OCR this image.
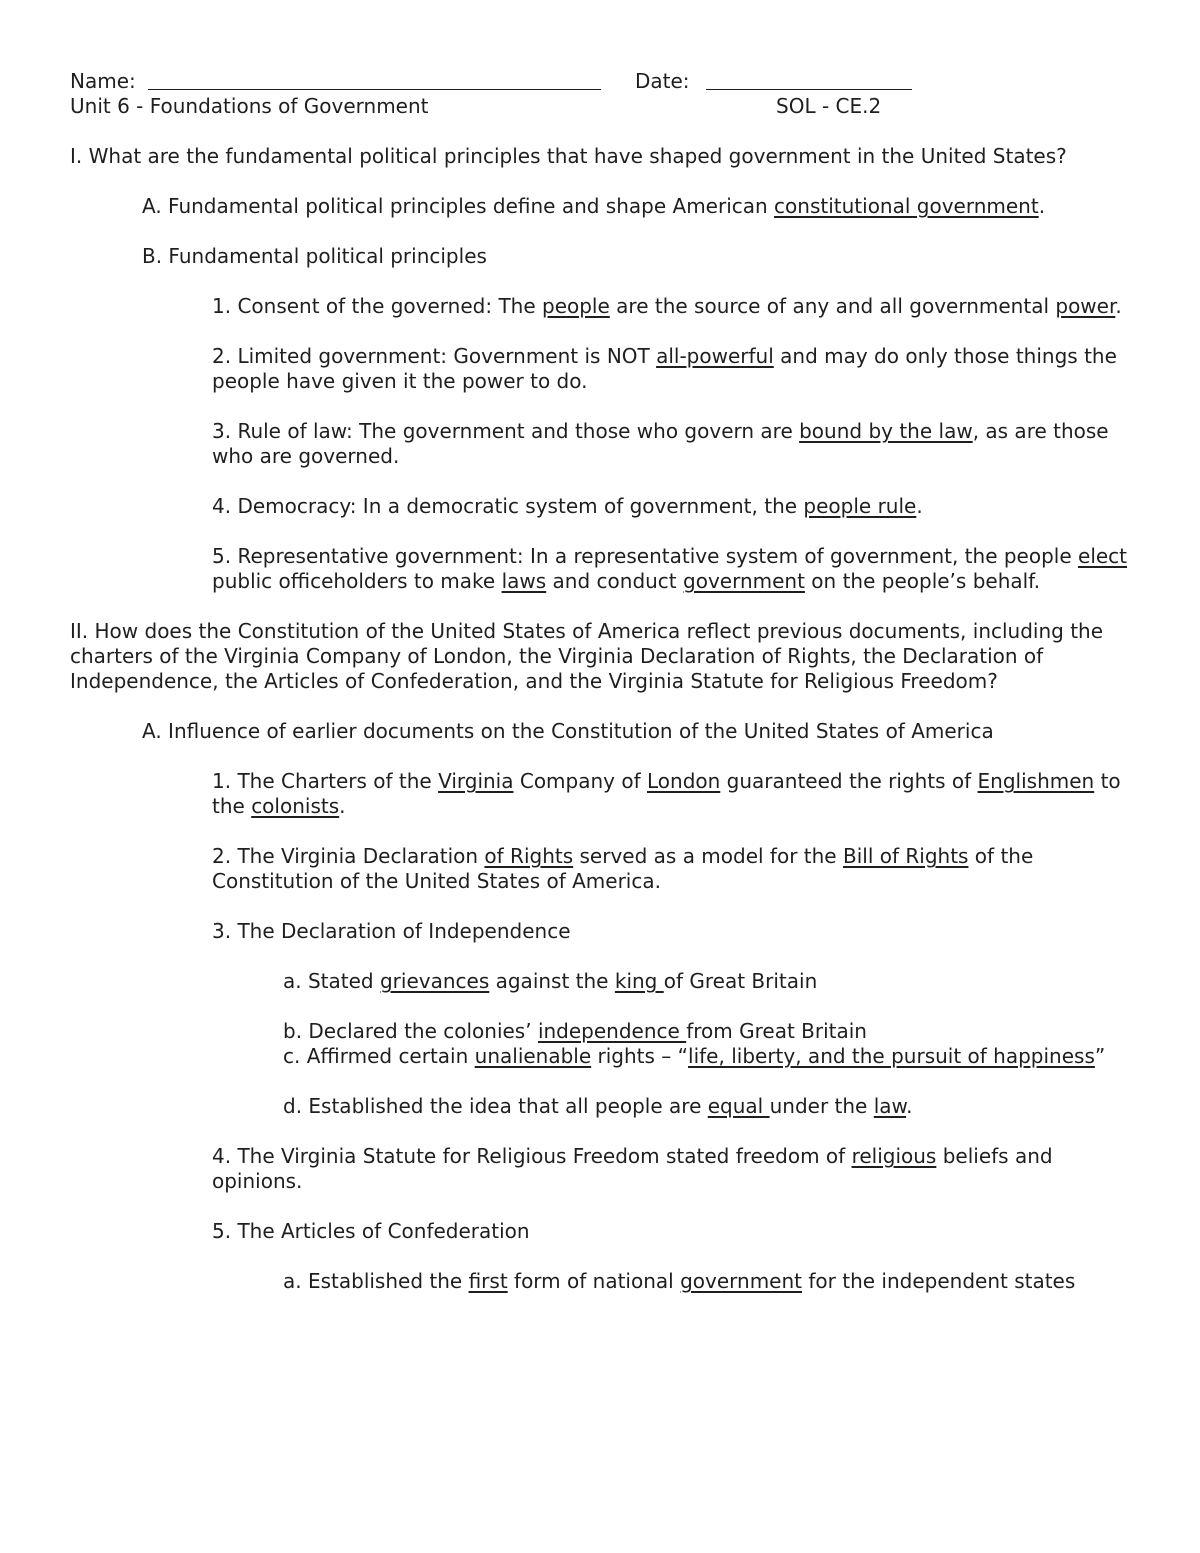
Name:	Date:
Unit 6 - Foundations of Government	SOL - CE.2

I. What are the fundamental political principles that have shaped government in the United States?

A. Fundamental political principles define and shape American constitutional government.

B. Fundamental political principles

1. Consent of the governed: The people are the source of any and all governmental power.

2. Limited government: Government is NOT all-powerful and may do only those things the people have given it the power to do.

3. Rule of law: The government and those who govern are bound by the law, as are those who are governed.

4. Democracy: In a democratic system of government, the people rule.

5. Representative government: In a representative system of government, the people elect public officeholders to make laws and conduct government on the people’s behalf.

II. How does the Constitution of the United States of America reflect previous documents, including the charters of the Virginia Company of London, the Virginia Declaration of Rights, the Declaration of Independence, the Articles of Confederation, and the Virginia Statute for Religious Freedom?

A. Influence of earlier documents on the Constitution of the United States of America

1. The Charters of the Virginia Company of London guaranteed the rights of Englishmen to the colonists.

2. The Virginia Declaration of Rights served as a model for the Bill of Rights of the Constitution of the United States of America.

3. The Declaration of Independence

a. Stated grievances against the king of Great Britain

b. Declared the colonies’ independence from Great Britain

c. Affirmed certain unalienable rights – “life, liberty, and the pursuit of happiness”

d. Established the idea that all people are equal under the law.

4. The Virginia Statute for Religious Freedom stated freedom of religious beliefs and opinions.

5. The Articles of Confederation

a. Established the first form of national government for the independent states
